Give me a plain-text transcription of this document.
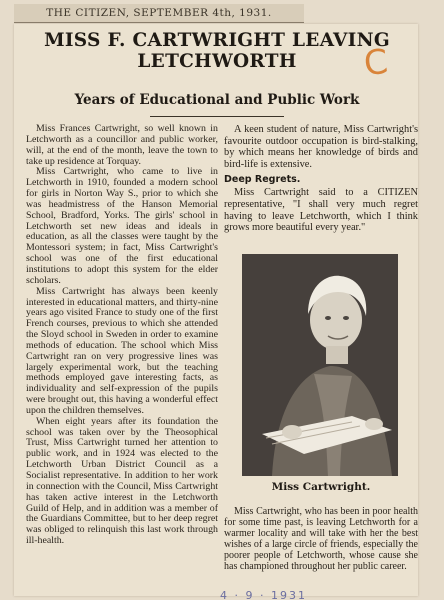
THE CITIZEN, SEPTEMBER 4th, 1931.
MISS F. CARTWRIGHT LEAVING LETCHWORTH	C
Years of Educational and Public Work

Miss Frances Cartwright, so well known in Letchworth as a councillor and public worker, will, at the end of the month, leave the town to take up residence at Torquay.

Miss Cartwright, who came to live in Letchworth in 1910, founded a modern school for girls in Norton Way S., prior to which she was headmistress of the Hanson Memorial School, Bradford, Yorks. The girls' school in Letchworth set new ideas and ideals in education, as all the classes were taught by the Montessori system; in fact, Miss Cartwright's school was one of the first educational institutions to adopt this system for the elder scholars.

Miss Cartwright has always been keenly interested in educational matters, and thirty-nine years ago visited France to study one of the first French courses, previous to which she attended the Sloyd school in Sweden in order to examine methods of education. The school which Miss Cartwright ran on very progressive lines was largely experimental work, but the teaching methods employed gave interesting facts, as individuality and self-expression of the pupils were brought out, this having a wonderful effect upon the children themselves.

When eight years after its foundation the school was taken over by the Theosophical Trust, Miss Cartwright turned her attention to public work, and in 1924 was elected to the Letchworth Urban District Council as a Socialist representative. In addition to her work in connection with the Council, Miss Cartwright has taken active interest in the Letchworth Guild of Help, and in addition was a member of the Guardians Committee, but to her deep regret was obliged to relinquish this last work through ill-health.

A keen student of nature, Miss Cartwright's favourite outdoor occupation is bird-stalking, by which means her knowledge of birds and bird-life is extensive.

Deep Regrets.

Miss Cartwright said to a CITIZEN representative, "I shall very much regret having to leave Letchworth, which I think grows more beautiful every year."

Miss Cartwright.

Miss Cartwright, who has been in poor health for some time past, is leaving Letchworth for a warmer locality and will take with her the best wishes of a large circle of friends, especially the poorer people of Letchworth, whose cause she has championed throughout her public career.

4 · 9 · 1931
